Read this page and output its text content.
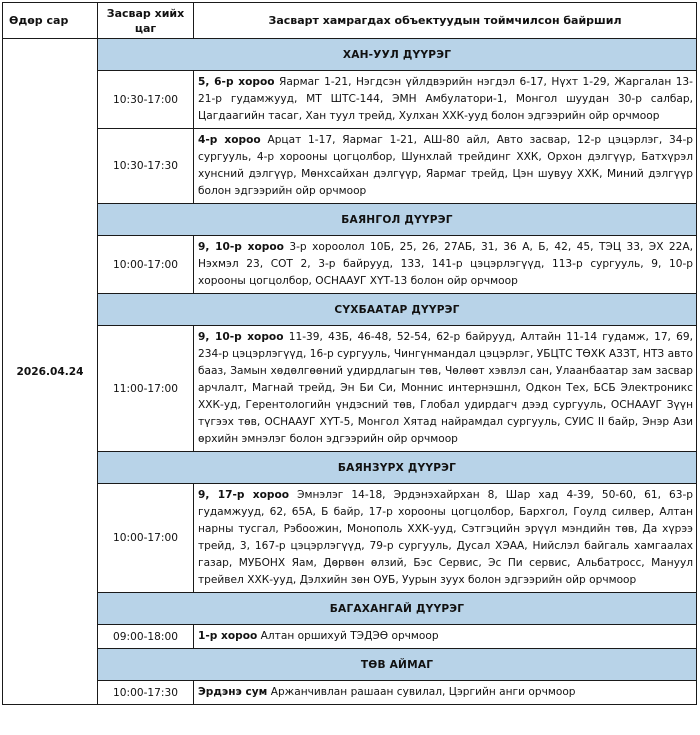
Өдөр сар	Засвар хийх цаг	Засварт хамрагдах объектуудын тоймчилсон байршил
2026.04.24	ХАН-УУЛ ДҮҮРЭГ	
	10:30-17:00	5, 6-р хороо Яармаг 1-21, Нэгдсэн үйлдвэрийн нэгдэл 6-17, Нүхт 1-29, Жаргалан 13-21-р гудамжууд, МТ ШТС-144, ЭМН Амбулатори-1, Монгол шуудан 30-р салбар, Цагдаагийн тасаг, Хан туул трейд, Хулхан ХХК-ууд болон эдгээрийн ойр орчмоор
	10:30-17:30	4-р хороо Арцат 1-17, Яармаг 1-21, АШ-80 айл, Авто засвар, 12-р цэцэрлэг, 34-р сургууль, 4-р хорооны цогцолбор, Шунхлай трейдинг ХХК, Орхон дэлгүүр, Батхүрэл хунсний дэлгүүр, Мөнхсайхан дэлгүүр, Яармаг трейд, Цэн шувуу ХХК, Миний дэлгүүр болон эдгээрийн ойр орчмоор
	БАЯНГОЛ ДҮҮРЭГ	
	10:00-17:00	9, 10-р хороо 3-р хороолол 10Б, 25, 26, 27АБ, 31, 36 А, Б, 42, 45, ТЭЦ 33, ЭХ 22А, Нэхмэл 23, СОТ 2, 3-р байрууд, 133, 141-р цэцэрлэгүүд, 113-р сургууль, 9, 10-р хорооны цогцолбор, ОСНААУГ ХҮТ-13 болон ойр орчмоор
	СҮХБААТАР ДҮҮРЭГ	
	11:00-17:00	9, 10-р хороо 11-39, 43Б, 46-48, 52-54, 62-р байрууд, Алтайн 11-14 гудамж, 17, 69, 234-р цэцэрлэгүүд, 16-р сургууль, Чингүнмандал цэцэрлэг, УБЦТС ТӨХК АЗЗТ, НТЗ авто бааз, Замын хөдөлгөөний удирдлагын төв, Чөлөөт хэвлэл сан, Улаанбаатар зам засвар арчлалт, Магнай трейд, Эн Би Си, Моннис интернэшнл, Одкон Тех, БСБ Электроникс ХХК-уд, Герентологийн үндэсний төв, Глобал удирдагч дээд сургууль, ОСНААУГ Зүүн түгээх төв, ОСНААУГ ХҮТ-5, Монгол Хятад найрамдал сургууль, СУИС II байр, Энэр Ази өрхийн эмнэлэг болон эдгээрийн ойр орчмоор
	БАЯНЗҮРХ ДҮҮРЭГ	
	10:00-17:00	9, 17-р хороо Эмнэлэг 14-18, Эрдэнэхайрхан 8, Шар хад 4-39, 50-60, 61, 63-р гудамжууд, 62, 65А, Б байр, 17-р хорооны цогцолбор, Бархгол, Гоулд силвер, Алтан нарны тусгал, Рэбоожин, Монополь ХХК-ууд, Сэтгэцийн эрүүл мэндийн төв, Да хүрээ трейд, 3, 167-р цэцэрлэгүүд, 79-р сургууль, Дусал ХЭАА, Нийслэл байгаль хамгаалах газар, МУБОНХ Яам, Дөрвөн өлзий, Бэс Сервис, Эс Пи сервис, Альбатросс, Мануул трейвел ХХК-ууд, Дэлхийн зөн ОУБ, Уурын зуух болон эдгээрийн ойр орчмоор
	БАГАХАНГАЙ ДҮҮРЭГ	
	09:00-18:00	1-р хороо Алтан оршихуй ТЭДЭӨ орчмоор
	ТӨВ АЙМАГ	
	10:00-17:30	Эрдэнэ сум Аржанчивлан рашаан сувилал, Цэргийн анги орчмоор
